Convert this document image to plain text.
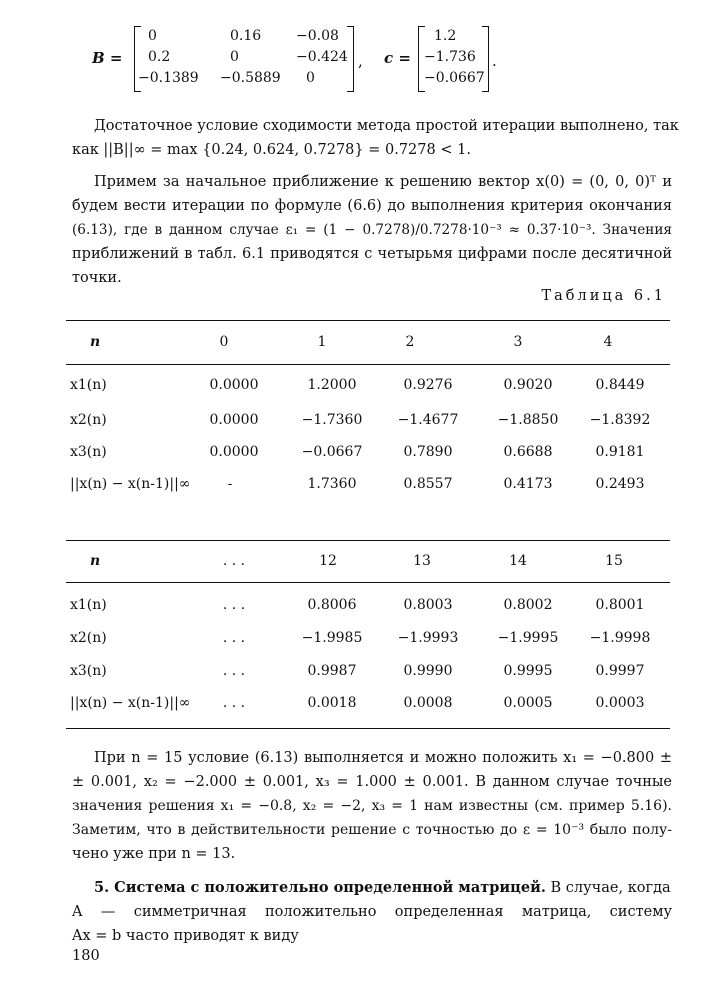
B =
0	0.16 −0.08
0.2	0	−0.424
−0.1389 −0.5889 0
, c =
1.2
−1.736
−0.0667
.
Достаточное условие сходимости метода простой итерации выполнено, так
как ||B||∞ = max {0.24, 0.624, 0.7278} = 0.7278 < 1.
Примем за начальное приближение к решению вектор x(0) = (0, 0, 0)ᵀ и
будем вести итерации по формуле (6.6) до выполнения критерия окончания
(6.13), где в данном случае ε₁ = (1 − 0.7278)/0.7278·10⁻³ ≈ 0.37·10⁻³. Значения
приближений в табл. 6.1 приводятся с четырьмя цифрами после десятичной
точки.
Таблица 6.1
n	0	1	2	3	4
x1(n)	0.0000	1.2000	0.9276	0.9020	0.8449
x2(n)	0.0000	−1.7360	−1.4677	−1.8850	−1.8392
x3(n)	0.0000	−0.0667	0.7890	0.6688	0.9181
||x(n) − x(n-1)||∞	-	1.7360	0.8557	0.4173	0.2493
n	. . .	12	13	14	15
x1(n)	. . .	0.8006	0.8003	0.8002	0.8001
x2(n)	. . .	−1.9985	−1.9993	−1.9995	−1.9998
x3(n)	. . .	0.9987	0.9990	0.9995	0.9997
||x(n) − x(n-1)||∞	. . .	0.0018	0.0008	0.0005	0.0003
При n = 15 условие (6.13) выполняется и можно положить x₁ = −0.800 ±
± 0.001, x₂ = −2.000 ± 0.001, x₃ = 1.000 ± 0.001. В данном случае точные
значения решения x₁ = −0.8, x₂ = −2, x₃ = 1 нам известны (см. пример 5.16).
Заметим, что в действительности решение с точностью до ε = 10⁻³ было полу-
чено уже при n = 13.
5. Система с положительно определенной матрицей. В случае, когда
A — симметричная положительно определенная матрица, систему
Ax = b часто приводят к виду
180
